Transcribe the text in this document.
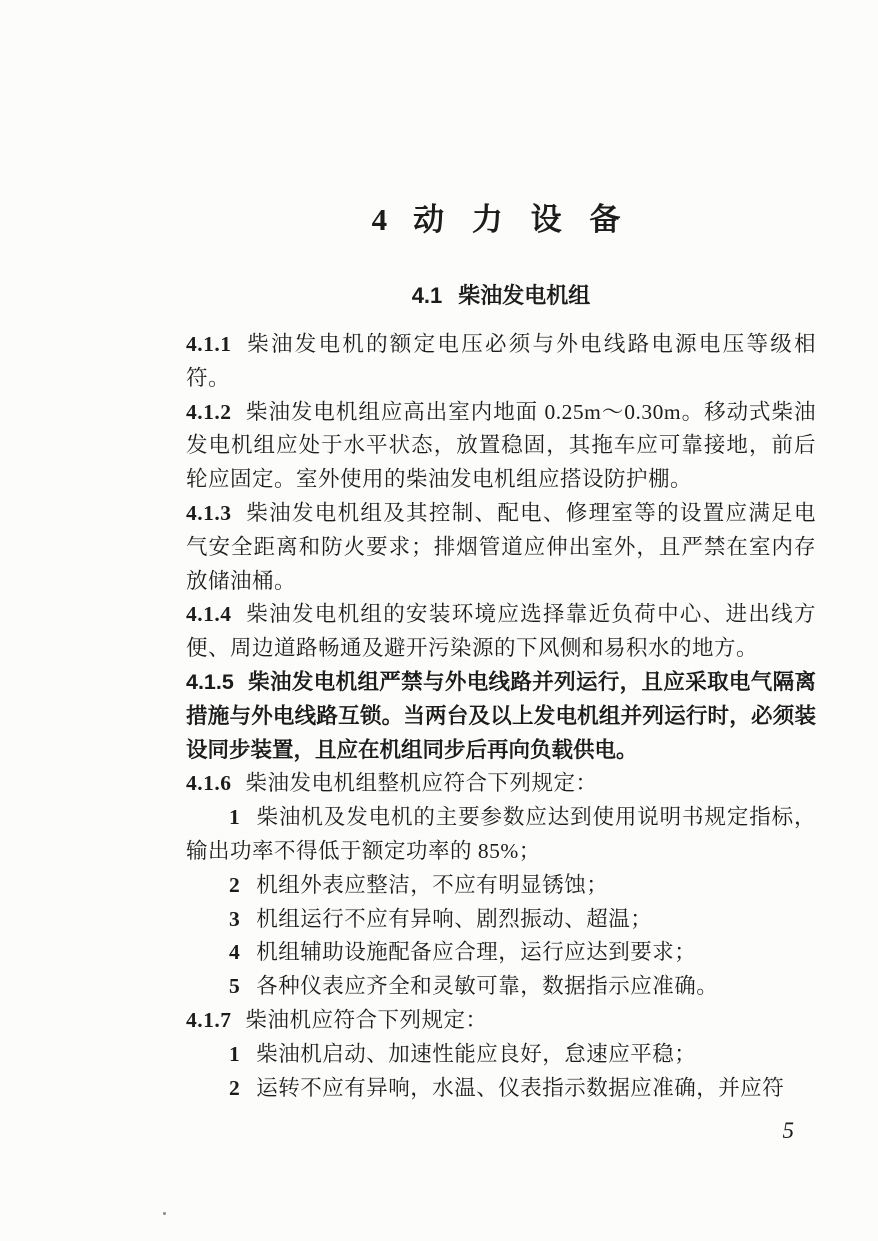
4 动 力 设 备
4.1 柴油发电机组

4.1.1 柴油发电机的额定电压必须与外电线路电源电压等级相符。

4.1.2 柴油发电机组应高出室内地面 0.25m～0.30m。移动式柴油发电机组应处于水平状态，放置稳固，其拖车应可靠接地，前后轮应固定。室外使用的柴油发电机组应搭设防护棚。

4.1.3 柴油发电机组及其控制、配电、修理室等的设置应满足电气安全距离和防火要求；排烟管道应伸出室外，且严禁在室内存放储油桶。

4.1.4 柴油发电机组的安装环境应选择靠近负荷中心、进出线方便、周边道路畅通及避开污染源的下风侧和易积水的地方。

4.1.5 柴油发电机组严禁与外电线路并列运行，且应采取电气隔离措施与外电线路互锁。当两台及以上发电机组并列运行时，必须装设同步装置，且应在机组同步后再向负载供电。

4.1.6 柴油发电机组整机应符合下列规定：

1 柴油机及发电机的主要参数应达到使用说明书规定指标，输出功率不得低于额定功率的 85%；

2 机组外表应整洁，不应有明显锈蚀；

3 机组运行不应有异响、剧烈振动、超温；

4 机组辅助设施配备应合理，运行应达到要求；

5 各种仪表应齐全和灵敏可靠，数据指示应准确。

4.1.7 柴油机应符合下列规定：

1 柴油机启动、加速性能应良好，怠速应平稳；

2 运转不应有异响，水温、仪表指示数据应准确，并应符

5
